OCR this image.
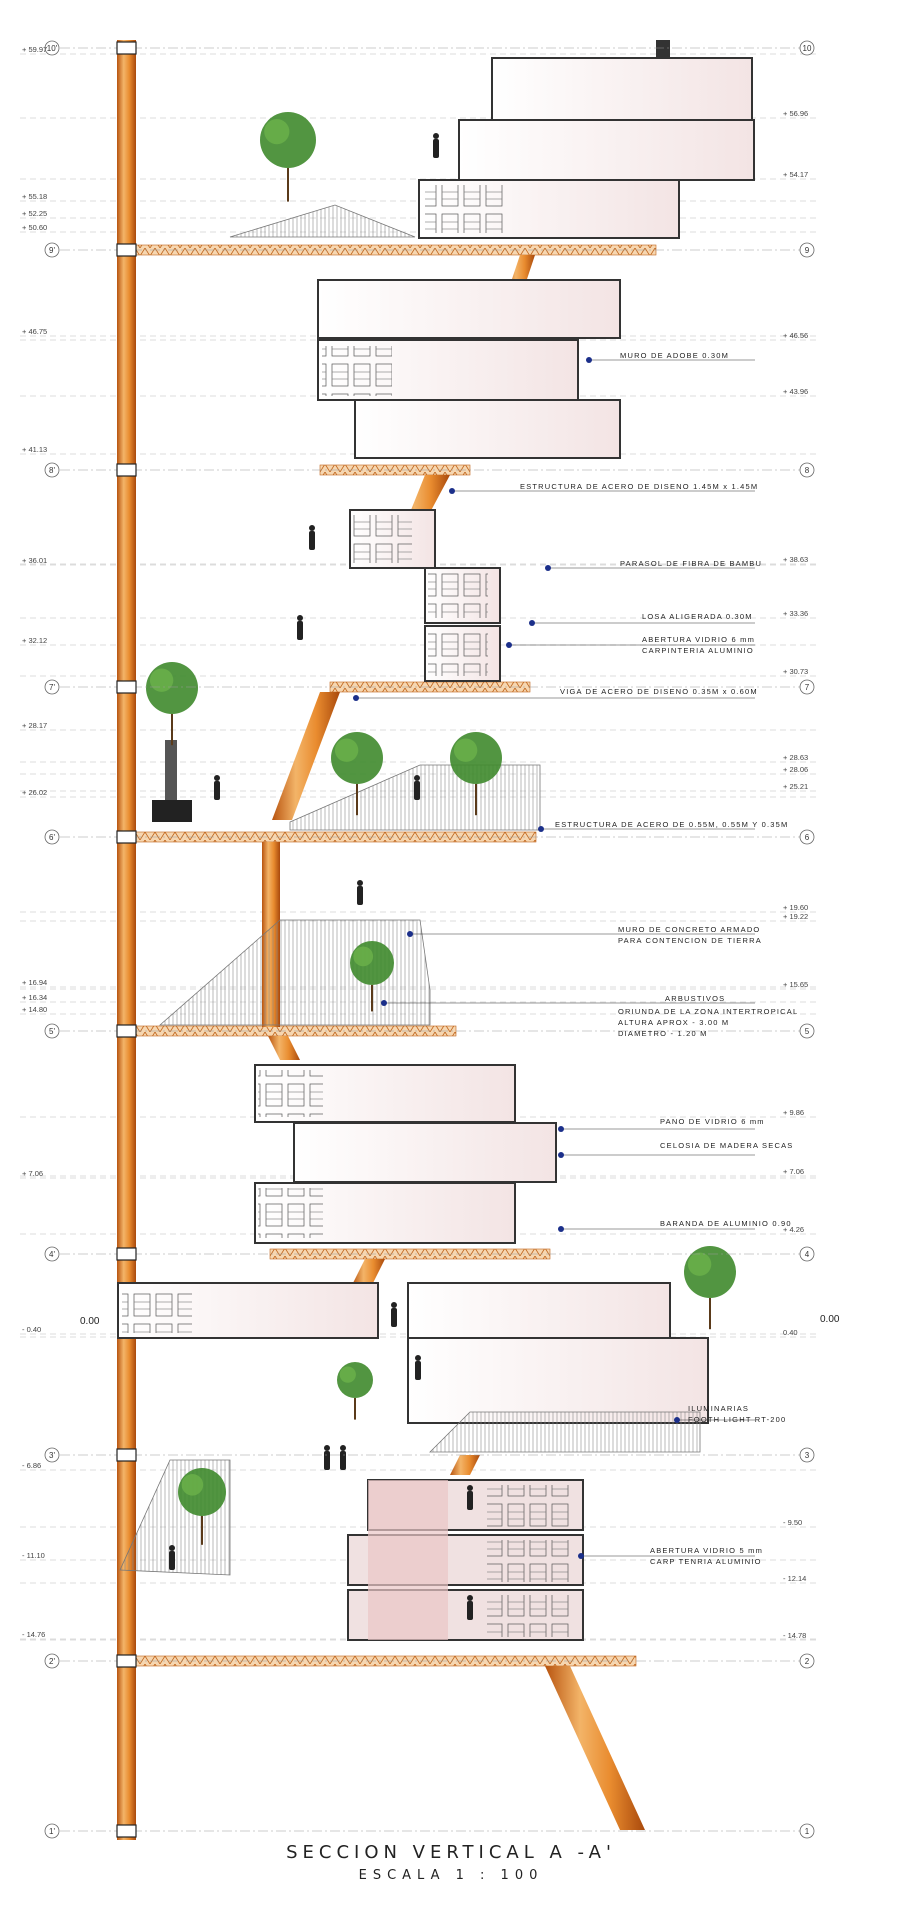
10'	10
9'	9
8'	8
7'	7
6'	6
5'	5
4'	4
3'	3
2'	2
1'	1
+ 59.97
+ 55.18
+ 52.25
+ 50.60
+ 46.75
+ 41.13
+ 36.01
+ 32.12
+ 28.17
+ 26.02
+ 16.94
+ 16.34
+ 14.80
+ 7.06
- 0.40
- 6.86
- 11.10
- 14.76
+ 56.96
+ 54.17
+ 46.56
+ 43.96
+ 38.63
+ 33.36
+ 30.73
+ 28.63
+ 28.06
+ 25.21
+ 19.60
+ 19.22
+ 15.65
+ 9.86
+ 7.06
+ 4.26
0.40
- 9.50
- 12.14
- 14.78
0.00	0.00
MURO DE ADOBE 0.30M
ESTRUCTURA DE ACERO DE DISENO 1.45M x 1.45M
PARASOL DE FIBRA DE BAMBU
LOSA ALIGERADA 0.30M
ABERTURA VIDRIO 6 mm
CARPINTERIA ALUMINIO
VIGA DE ACERO DE DISENO 0.35M x 0.60M
ESTRUCTURA DE ACERO DE 0.55M, 0.55M Y 0.35M
MURO DE CONCRETO ARMADO
PARA CONTENCION DE TIERRA
ARBUSTIVOS
ORIUNDA DE LA ZONA INTERTROPICAL
ALTURA APROX - 3.00 M
DIAMETRO - 1.20 M
PANO DE VIDRIO 6 mm
CELOSIA DE MADERA SECAS
BARANDA DE ALUMINIO 0.90
ILUMINARIAS
FOOTH LIGHT RT-200
ABERTURA VIDRIO 5 mm
CARP TENRIA ALUMINIO
SECCION VERTICAL A -A'
ESCALA 1 : 100
